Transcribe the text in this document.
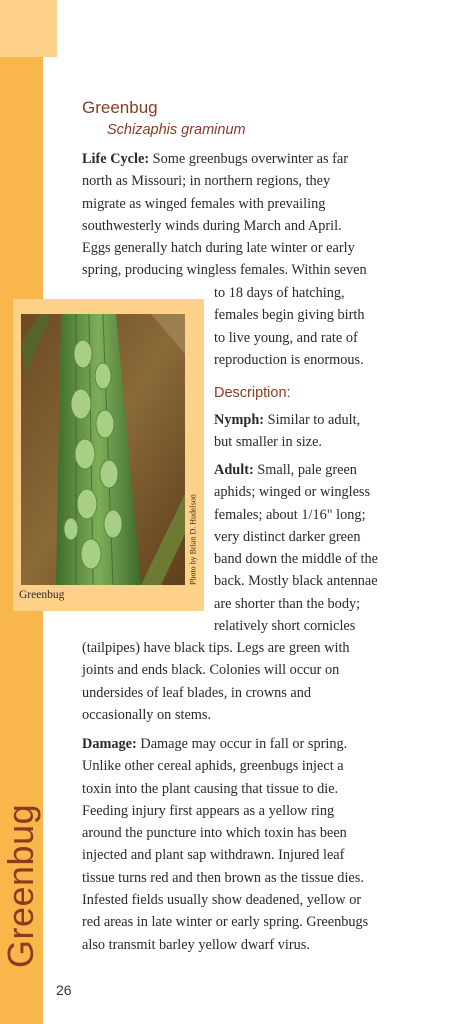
Greenbug
26
Greenbug
Schizaphis graminum
Life Cycle: Some greenbugs overwinter as far
north as Missouri; in northern regions, they
migrate as winged females with prevailing
southwesterly winds during March and April.
Eggs generally hatch during late winter or early
spring, producing wingless females. Within seven
to 18 days of hatching,
females begin giving birth
to live young, and rate of
reproduction is enormous.
Photo by Brian D. Hudelson
Greenbug
Description:
Nymph: Similar to adult,
but smaller in size.
Adult: Small, pale green
aphids; winged or wingless
females; about 1/16" long;
very distinct darker green
band down the middle of the
back. Mostly black antennae
are shorter than the body;
relatively short cornicles
(tailpipes) have black tips. Legs are green with
joints and ends black. Colonies will occur on
undersides of leaf blades, in crowns and
occasionally on stems.
Damage: Damage may occur in fall or spring.
Unlike other cereal aphids, greenbugs inject a
toxin into the plant causing that tissue to die.
Feeding injury first appears as a yellow ring
around the puncture into which toxin has been
injected and plant sap withdrawn. Injured leaf
tissue turns red and then brown as the tissue dies.
Infested fields usually show deadened, yellow or
red areas in late winter or early spring. Greenbugs
also transmit barley yellow dwarf virus.
